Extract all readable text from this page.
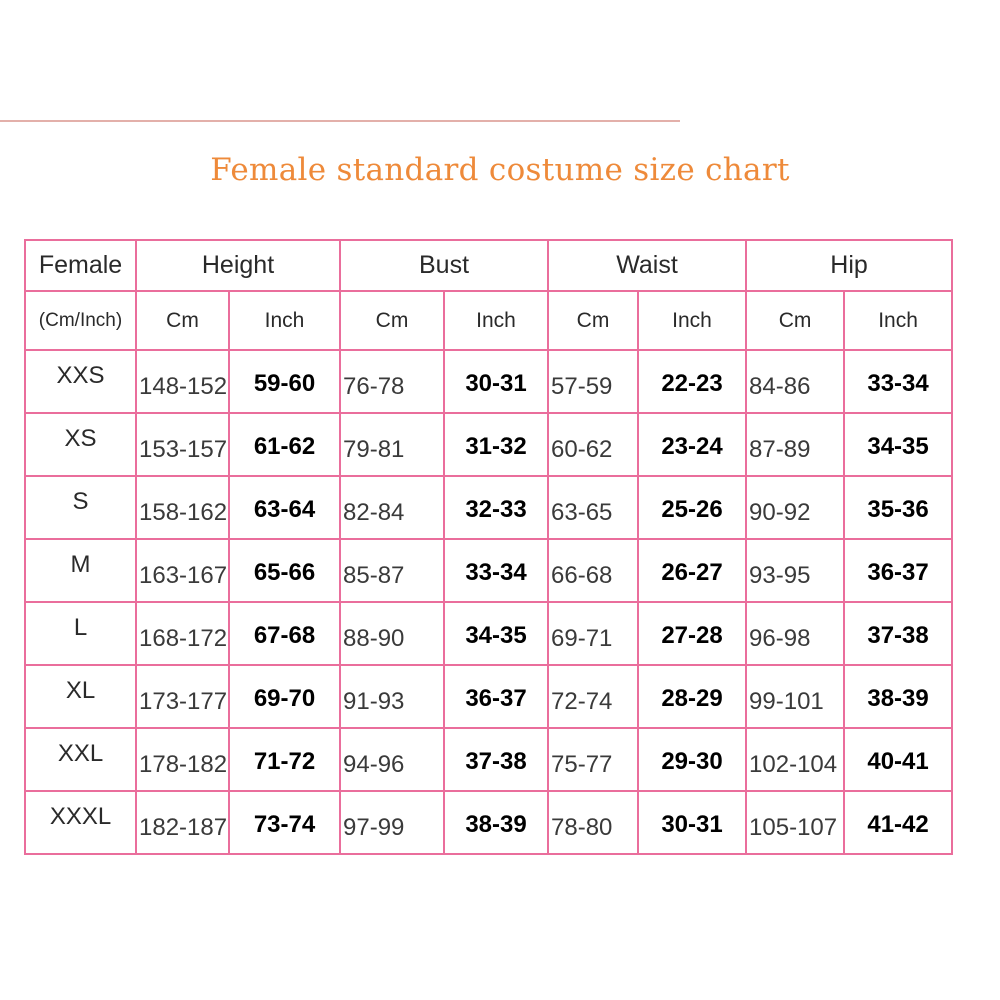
Female standard costume size chart
Female	Height		Bust		Waist		Hip	
(Cm/Inch)	Cm	Inch	Cm	Inch	Cm	Inch	Cm	Inch
XXS	148-152	59-60	76-78	30-31	57-59	22-23	84-86	33-34
XS	153-157	61-62	79-81	31-32	60-62	23-24	87-89	34-35
S	158-162	63-64	82-84	32-33	63-65	25-26	90-92	35-36
M	163-167	65-66	85-87	33-34	66-68	26-27	93-95	36-37
L	168-172	67-68	88-90	34-35	69-71	27-28	96-98	37-38
XL	173-177	69-70	91-93	36-37	72-74	28-29	99-101	38-39
XXL	178-182	71-72	94-96	37-38	75-77	29-30	102-104	40-41
XXXL	182-187	73-74	97-99	38-39	78-80	30-31	105-107	41-42
